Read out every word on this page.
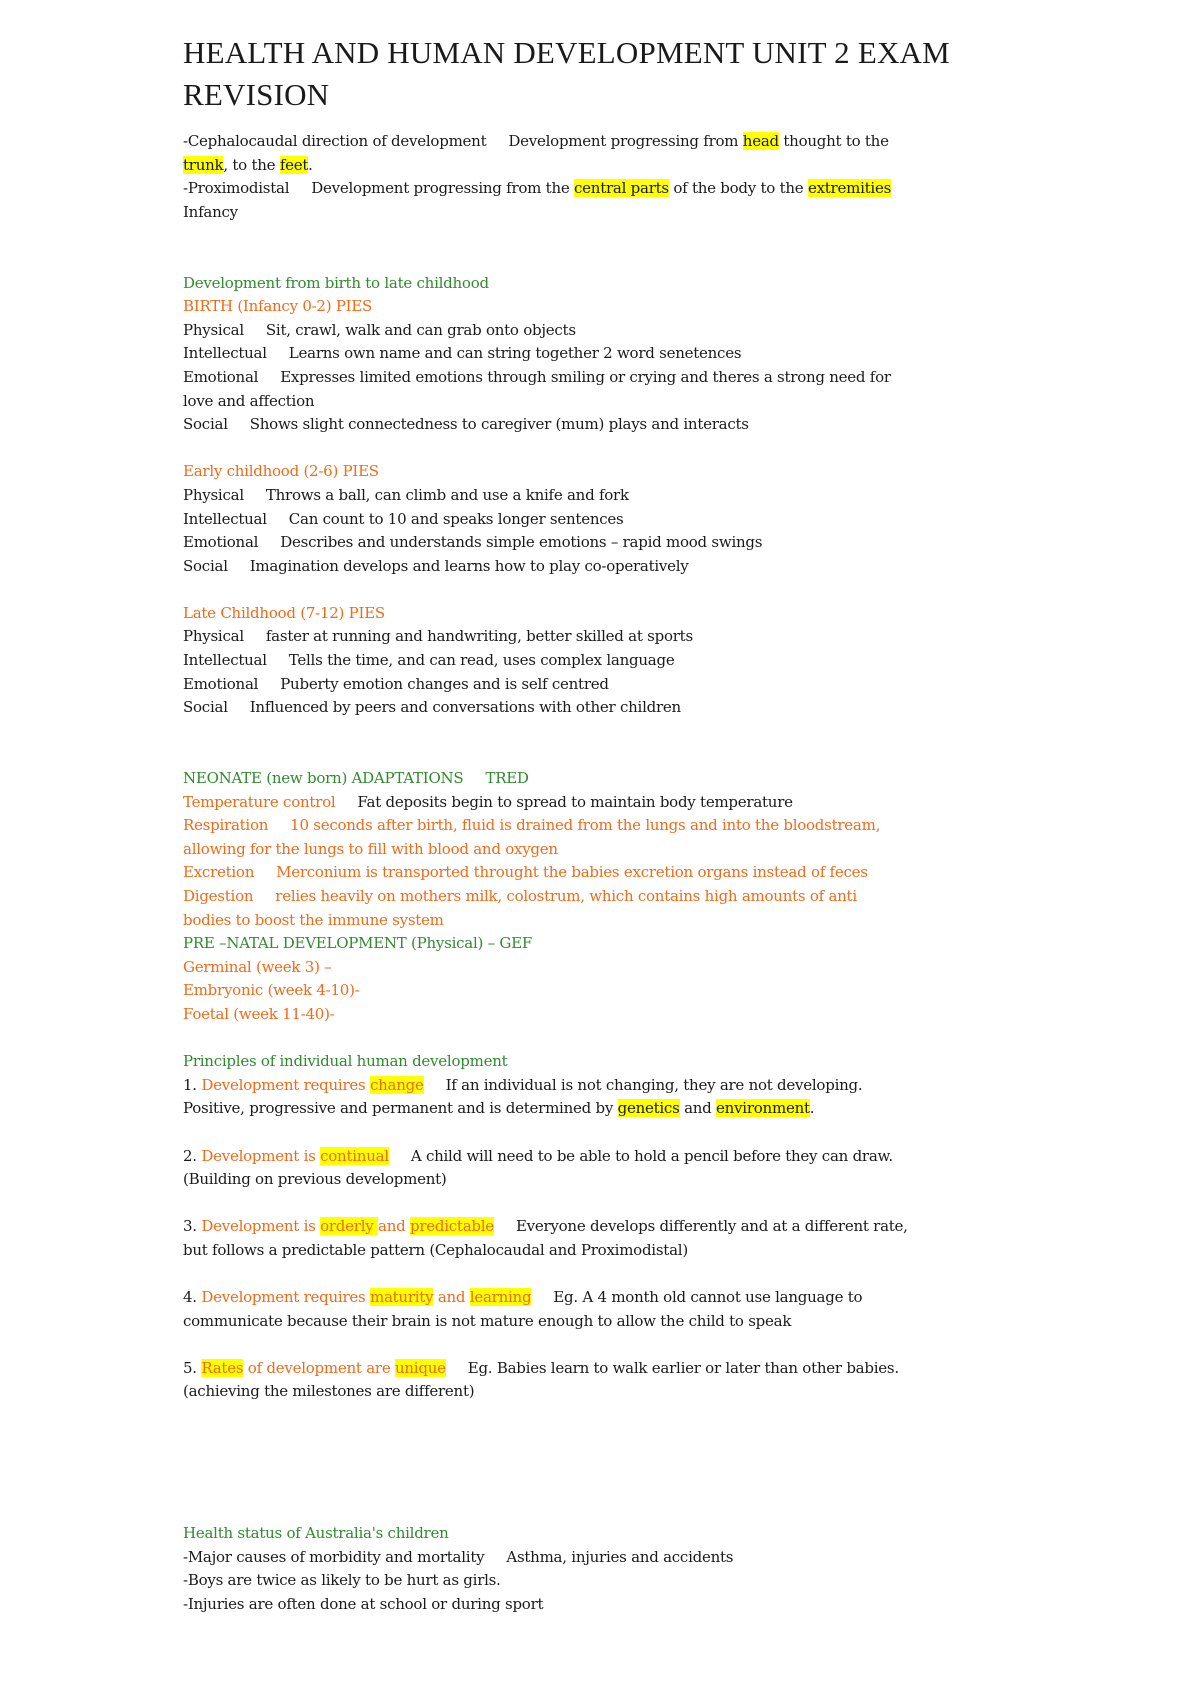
HEALTH AND HUMAN DEVELOPMENT UNIT 2 EXAM REVISION
-Cephalocaudal direction of development Development progressing from head thought to the
trunk, to the feet.
-Proximodistal Development progressing from the central parts of the body to the extremities
Infancy
Development from birth to late childhood
BIRTH (Infancy 0-2) PIES
Physical Sit, crawl, walk and can grab onto objects
Intellectual Learns own name and can string together 2 word senetences
Emotional Expresses limited emotions through smiling or crying and theres a strong need for
love and affection
Social Shows slight connectedness to caregiver (mum) plays and interacts
Early childhood (2-6) PIES
Physical Throws a ball, can climb and use a knife and fork
Intellectual Can count to 10 and speaks longer sentences
Emotional Describes and understands simple emotions – rapid mood swings
Social Imagination develops and learns how to play co-operatively
Late Childhood (7-12) PIES
Physical faster at running and handwriting, better skilled at sports
Intellectual Tells the time, and can read, uses complex language
Emotional Puberty emotion changes and is self centred
Social Influenced by peers and conversations with other children
NEONATE (new born) ADAPTATIONS TRED
Temperature control Fat deposits begin to spread to maintain body temperature
Respiration 10 seconds after birth, fluid is drained from the lungs and into the bloodstream,
allowing for the lungs to fill with blood and oxygen
Excretion Merconium is transported throught the babies excretion organs instead of feces
Digestion relies heavily on mothers milk, colostrum, which contains high amounts of anti
bodies to boost the immune system
PRE –NATAL DEVELOPMENT (Physical) – GEF
Germinal (week 3) –
Embryonic (week 4-10)-
Foetal (week 11-40)-
Principles of individual human development
1. Development requires change If an individual is not changing, they are not developing.
Positive, progressive and permanent and is determined by genetics and environment.
2. Development is continual A child will need to be able to hold a pencil before they can draw.
(Building on previous development)
3. Development is orderly and predictable Everyone develops differently and at a different rate,
but follows a predictable pattern (Cephalocaudal and Proximodistal)
4. Development requires maturity and learning Eg. A 4 month old cannot use language to
communicate because their brain is not mature enough to allow the child to speak
5. Rates of development are unique Eg. Babies learn to walk earlier or later than other babies.
(achieving the milestones are different)
Health status of Australia's children
-Major causes of morbidity and mortality Asthma, injuries and accidents
-Boys are twice as likely to be hurt as girls.
-Injuries are often done at school or during sport
